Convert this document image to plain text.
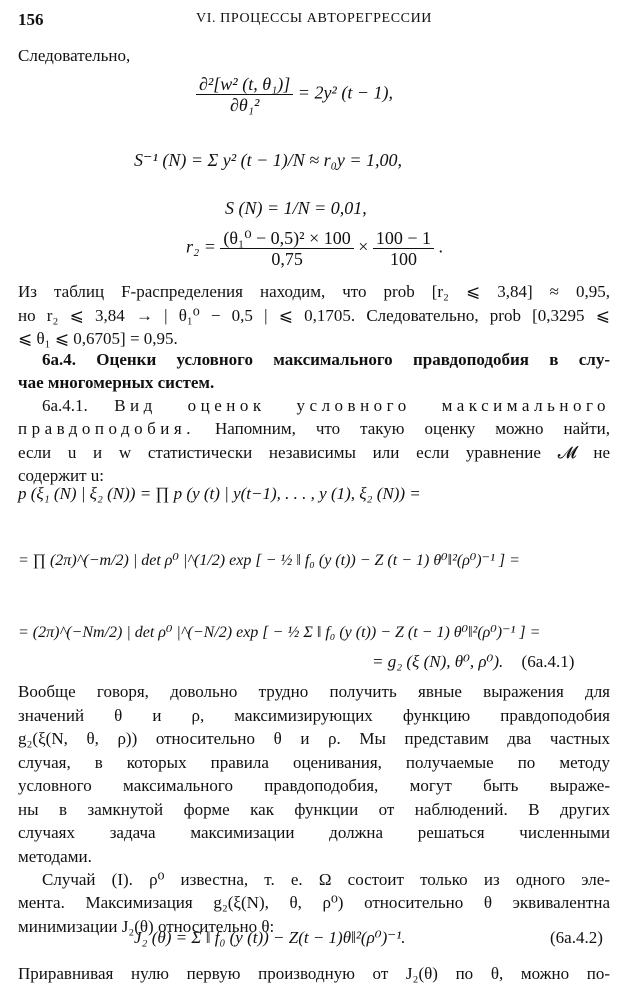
156	VI. ПРОЦЕССЫ АВТОРЕГРЕССИИ
Следовательно,
$\frac{\text{∂²[w² (t, θ₁)]}}{\text{∂θ₁²}} = 2y^2$ (t − 1),
S⁻¹ (N) = Σ y² (t − 1)/N ≈ r₀y = 1,00,
S (N) = 1/N = 0,01,
$r_2 = \frac{\text{(θ₁⁰ − 0,5)² × 100}}{0,75} \times \frac{100 - 1}{100}$ .
Из таблиц F-распределения находим, что prob [r₂ ⩽ 3,84] ≈ 0,95,
но r₂ ⩽ 3,84 → | θ₁⁰ − 0,5 | ⩽ 0,1705. Следовательно, prob [0,3295 ⩽
⩽ θ₁ ⩽ 0,6705] = 0,95.
6а.4. Оценки условного максимального правдоподобия в слу-
чае многомерных систем.
6а.4.1. Вид оценок условного максимального
правдоподобия. Напомним, что такую оценку можно найти,
если u и w статистически независимы или если уравнение 𝓜 не
содержит u:
p (ξ₁ (N) | ξ₂ (N)) = ∏ p (y (t) | y(t−1), . . . , y (1), ξ₂ (N)) =
= ∏ (2π)^(−m/2) | det ρ⁰ |^(1/2) exp [ − ½ ‖ f₀ (y (t)) − Z (t − 1) θ⁰‖²(ρ⁰)⁻¹ ] =
= (2π)^(−Nm/2) | det ρ⁰ |^(−N/2) exp [ − ½ Σ ‖ f₀ (y (t)) − Z (t − 1) θ⁰‖²(ρ⁰)⁻¹ ] =
= g₂ (ξ (N), θ⁰, ρ⁰). (6а.4.1)
Вообще говоря, довольно трудно получить явные выражения для
значений θ и ρ, максимизирующих функцию правдоподобия
g₂(ξ(N, θ, ρ)) относительно θ и ρ. Мы представим два частных
случая, в которых правила оценивания, получаемые по методу
условного максимального правдоподобия, могут быть выраже-
ны в замкнутой форме как функции от наблюдений. В других
случаях задача максимизации должна решаться численными
методами.
Случай (I). ρ⁰ известна, т. е. Ω состоит только из одного эле-
мента. Максимизация g₂(ξ(N), θ, ρ⁰) относительно θ эквивалентна
минимизации J₂(θ) относительно θ:
J₂ (θ) = Σ ‖ f₀ (y (t)) − Z(t − 1)θ‖²(ρ⁰)⁻¹.	(6а.4.2)
Приравнивая нулю первую производную от J₂(θ) по θ, можно по-
